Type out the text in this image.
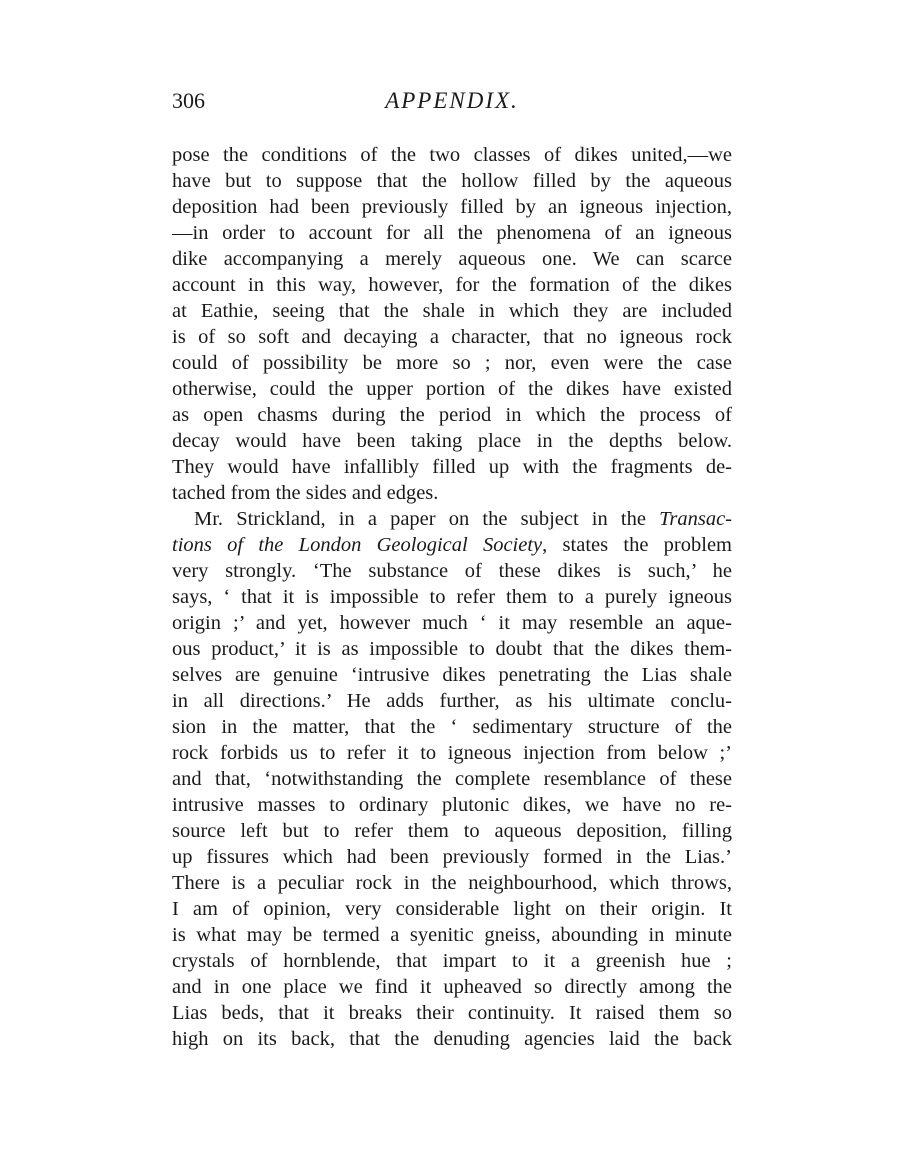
306	APPENDIX.
pose the conditions of the two classes of dikes united,—we
have but to suppose that the hollow filled by the aqueous
deposition had been previously filled by an igneous injection,
—in order to account for all the phenomena of an igneous
dike accompanying a merely aqueous one. We can scarce
account in this way, however, for the formation of the dikes
at Eathie, seeing that the shale in which they are included
is of so soft and decaying a character, that no igneous rock
could of possibility be more so ; nor, even were the case
otherwise, could the upper portion of the dikes have existed
as open chasms during the period in which the process of
decay would have been taking place in the depths below.
They would have infallibly filled up with the fragments de-
tached from the sides and edges.
Mr. Strickland, in a paper on the subject in the Transac-
tions of the London Geological Society, states the problem
very strongly. ‘The substance of these dikes is such,’ he
says, ‘ that it is impossible to refer them to a purely igneous
origin ;’ and yet, however much ‘ it may resemble an aque-
ous product,’ it is as impossible to doubt that the dikes them-
selves are genuine ‘intrusive dikes penetrating the Lias shale
in all directions.’ He adds further, as his ultimate conclu-
sion in the matter, that the ‘ sedimentary structure of the
rock forbids us to refer it to igneous injection from below ;’
and that, ‘notwithstanding the complete resemblance of these
intrusive masses to ordinary plutonic dikes, we have no re-
source left but to refer them to aqueous deposition, filling
up fissures which had been previously formed in the Lias.’
There is a peculiar rock in the neighbourhood, which throws,
I am of opinion, very considerable light on their origin. It
is what may be termed a syenitic gneiss, abounding in minute
crystals of hornblende, that impart to it a greenish hue ;
and in one place we find it upheaved so directly among the
Lias beds, that it breaks their continuity. It raised them so
high on its back, that the denuding agencies laid the back
